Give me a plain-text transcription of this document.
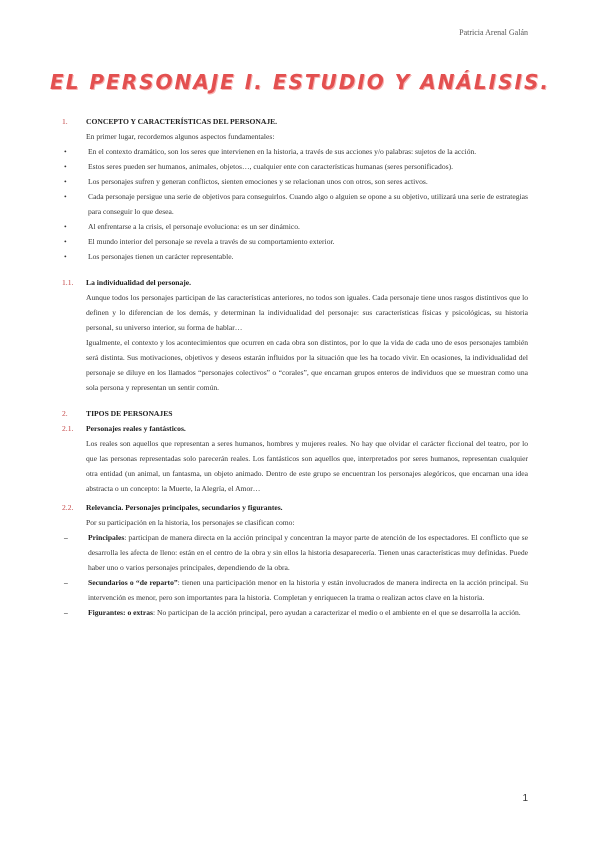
Patricia Arenal Galán
EL PERSONAJE I. ESTUDIO Y ANÁLISIS.
1.	CONCEPTO Y CARACTERÍSTICAS DEL PERSONAJE.
En primer lugar, recordemos algunos aspectos fundamentales:
•
En el contexto dramático, son los seres que intervienen en la historia, a través de sus acciones y/o palabras: sujetos de la acción.
•
Estos seres pueden ser humanos, animales, objetos…, cualquier ente con características humanas (seres personificados).
•
Los personajes sufren y generan conflictos, sienten emociones y se relacionan unos con otros, son seres activos.
•
Cada personaje persigue una serie de objetivos para conseguirlos. Cuando algo o alguien se opone a su objetivo, utilizará una serie de estrategias para conseguir lo que desea.
•
Al enfrentarse a la crisis, el personaje evoluciona: es un ser dinámico.
•
El mundo interior del personaje se revela a través de su comportamiento exterior.
•
Los personajes tienen un carácter representable.
1.1.	La individualidad del personaje.
Aunque todos los personajes participan de las características anteriores, no todos son iguales. Cada personaje tiene unos rasgos distintivos que lo definen y lo diferencian de los demás, y determinan la individualidad del personaje: sus características físicas y psicológicas, su historia personal, su universo interior, su forma de hablar…
Igualmente, el contexto y los acontecimientos que ocurren en cada obra son distintos, por lo que la vida de cada uno de esos personajes también será distinta. Sus motivaciones, objetivos y deseos estarán influidos por la situación que les ha tocado vivir. En ocasiones, la individualidad del personaje se diluye en los llamados “personajes colectivos” o “corales”, que encarnan grupos enteros de individuos que se muestran como una sola persona y representan un sentir común.
2.	TIPOS DE PERSONAJES
2.1.	Personajes reales y fantásticos.
Los reales son aquellos que representan a seres humanos, hombres y mujeres reales. No hay que olvidar el carácter ficcional del teatro, por lo que las personas representadas solo parecerán reales. Los fantásticos son aquellos que, interpretados por seres humanos, representan cualquier otra entidad (un animal, un fantasma, un objeto animado. Dentro de este grupo se encuentran los personajes alegóricos, que encarnan una idea abstracta o un concepto: la Muerte, la Alegría, el Amor…
2.2.	Relevancia. Personajes principales, secundarios y figurantes.
Por su participación en la historia, los personajes se clasifican como:
–	Principales: participan de manera directa en la acción principal y concentran la mayor parte de atención de los espectadores. El conflicto que se desarrolla les afecta de lleno: están en el centro de la obra y sin ellos la historia desaparecería. Tienen unas características muy definidas. Puede haber uno o varios personajes principales, dependiendo de la obra.
–	Secundarios o “de reparto”: tienen una participación menor en la historia y están involucrados de manera indirecta en la acción principal. Su intervención es menor, pero son importantes para la historia. Completan y enriquecen la trama o realizan actos clave en la historia.
–	Figurantes: o extras: No participan de la acción principal, pero ayudan a caracterizar el medio o el ambiente en el que se desarrolla la acción.
1
